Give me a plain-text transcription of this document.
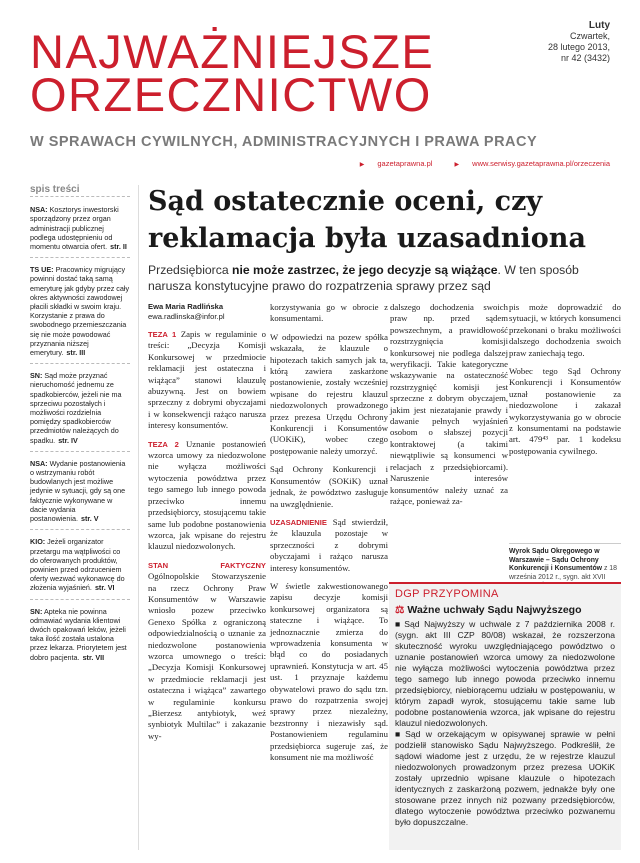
NAJWAŻNIEJSZE
ORZECZNICTWO
W SPRAWACH CYWILNYCH, ADMINISTRACYJNYCH I PRAWA PRACY
Luty
Czwartek,
28 lutego 2013,
nr 42 (3432)
▶ gazetaprawna.pl	▶ www.serwisy.gazetaprawna.pl/orzeczenia
spis treści
NSA: Kosztorys inwestorski sporządzony przez organ administracji publicznej podlega udostępnieniu od momentu otwarcia ofert. str. II
TS UE: Pracownicy migrujący powinni dostać taką samą emeryturę jak gdyby przez cały okres aktywności zawodowej płacili składki w swoim kraju. Korzystanie z prawa do swobodnego przemieszczania się nie może powodować przyznania niższej emerytury. str. III
SN: Sąd może przyznać nieruchomość jednemu ze spadkobierców, jeżeli nie ma sprzeciwu pozostałych i możliwości rozdzielnia pomiędzy spadkobierców przedmiotów należących do spadku. str. IV
NSA: Wydanie postanowienia o wstrzymaniu robót budowlanych jest możliwe jedynie w sytuacji, gdy są one faktycznie wykonywane w dacie wydania postanowienia. str. V
KIO: Jeżeli organizator przetargu ma wątpliwości co do oferowanych produktów, powinien przed odrzuceniem oferty wezwać wykonawcę do złożenia wyjaśnień. str. VI
SN: Apteka nie powinna odmawiać wydania klientowi dwóch opakowań leków, jeżeli taka ilość została ustalona przez lekarza. Priorytetem jest dobro pacjenta. str. VII
Sąd ostatecznie oceni, czy reklamacja była uzasadniona
Przedsiębiorca nie może zastrzec, że jego decyzje są wiążące. W ten sposób narusza konstytucyjne prawo do rozpatrzenia sprawy przez sąd
Ewa Maria Radlińska
ewa.radlinska@infor.pl

TEZA 1 Zapis w regulaminie o treści: „Decyzja Komisji Konkursowej w przedmiocie reklamacji jest ostateczna i wiążąca” stanowi klauzulę abuzywną. Jest on bowiem sprzeczny z dobrymi obyczajami i w konsekwencji rażąco narusza interesy konsumentów.

TEZA 2 Uznanie postanowień wzorca umowy za niedozwolone nie wyłącza możliwości wytoczenia powództwa przez tego samego lub innego powoda przeciwko innemu przedsiębiorcy, stosującemu takie same lub podobne postanowienia wzorca, jak wpisane do rejestru klauzul niedozwolonych.

STAN FAKTYCZNY Ogólnopolskie Stowarzyszenie na rzecz Ochrony Praw Konsumentów w Warszawie wniosło pozew przeciwko Genexo Spółka z ograniczoną odpowiedzialnością o uznanie za niedozwolone postanowienia wzorca umownego o treści: „Decyzja Komisji Konkursowej w przedmiocie reklamacji jest ostateczna i wiążąca” zawartego w regulaminie konkursu „Bierzesz antybiotyk, weź synbiotyk Multilac” i zakazanie wy-

korzystywania go w obrocie z konsumentami.

W odpowiedzi na pozew spółka wskazała, że klauzule o hipotezach takich samych jak ta, którą zawiera zaskarżone postanowienie, zostały wcześniej wpisane do rejestru klauzul niedozwolonych prowadzonego przez prezesa Urzędu Ochrony Konkurencji i Konsumentów (UOKiK), wobec czego postępowanie należy umorzyć.

Sąd Ochrony Konkurencji i Konsumentów (SOKiK) uznał jednak, że powództwo zasługuje na uwzględnienie.

UZASADNIENIE Sąd stwierdził, że klauzula pozostaje w sprzeczności z dobrymi obyczajami i rażąco narusza interesy konsumentów.

W świetle zakwestionowanego zapisu decyzje komisji konkursowej organizatora są stateczne i wiążące. To jednoznacznie zmierza do wprowadzenia konsumenta w błąd co do posiadanych uprawnień. Konstytucja w art. 45 ust. 1 przyznaje każdemu obywatelowi prawo do sądu tzn. prawo do rozpatrzenia swojej sprawy przez niezależny, bezstronny i niezawisły sąd. Postanowieniem regulaminu przedsiębiorca sugeruje zaś, że konsument nie ma możliwość

dalszego dochodzenia swoich praw np. przed sądem powszechnym, a prawidłowość rozstrzygnięcia komisji konkursowej nie podlega dalszej weryfikacji. Takie kategoryczne wskazywanie na ostateczność rozstrzygnięć komisji jest sprzeczne z dobrym obyczajem, jakim jest niezatajanie prawdy i dawanie pełnych wyjaśnień osobom o słabszej pozycji kontraktowej (a takimi niewątpliwie są konsumenci w relacjach z przedsiębiorcami). Naruszenie interesów konsumentów należy uznać za rażące, ponieważ za-

pis może doprowadzić do sytuacji, w których konsumenci przekonani o braku możliwości dalszego dochodzenia swoich praw zaniechają tego.

Wobec tego Sąd Ochrony Konkurencji i Konsumentów uznał postanowienie za niedozwolone i zakazał wykorzystywania go w obrocie z konsumentami na podstawie art. 479⁴³ par. 1 kodeksu postępowania cywilnego.

Wyrok Sądu Okręgowego w Warszawie – Sądu Ochrony Konkurencji i Konsumentów z 18 września 2012 r., sygn. akt XVII
DGP PRZYPOMINA
⚖ Ważne uchwały Sądu Najwyższego

■ Sąd Najwyższy w uchwale z 7 października 2008 r. (sygn. akt III CZP 80/08) wskazał, że rozszerzona skuteczność wyroku uwzględniającego powództwo o uznanie postanowień wzorca umowy za niedozwolone nie wyłącza możliwości wytoczenia powództwa przez tego samego lub innego powoda przeciwko innemu przedsiębiorcy, niebiorącemu udziału w postępowaniu, w którym zapadł wyrok, stosującemu takie same lub podobne postanowienia wzorca, jak wpisane do rejestru klauzul niedozwolonych.

■ Sąd w orzekającym w opisywanej sprawie w pełni podzielił stanowisko Sądu Najwyższego. Podkreślił, że sądowi wiadome jest z urzędu, że w rejestrze klauzul niedozwolonych prowadzonym przez prezesa UOKiK zostały uprzednio wpisane klauzule o hipotezach identycznych z zaskarżoną pozwem, jednakże były one stosowane przez innych niż pozwany przedsiębiorców, dlatego wytoczenie powództwa przeciwko pozwanemu było dopuszczalne.
